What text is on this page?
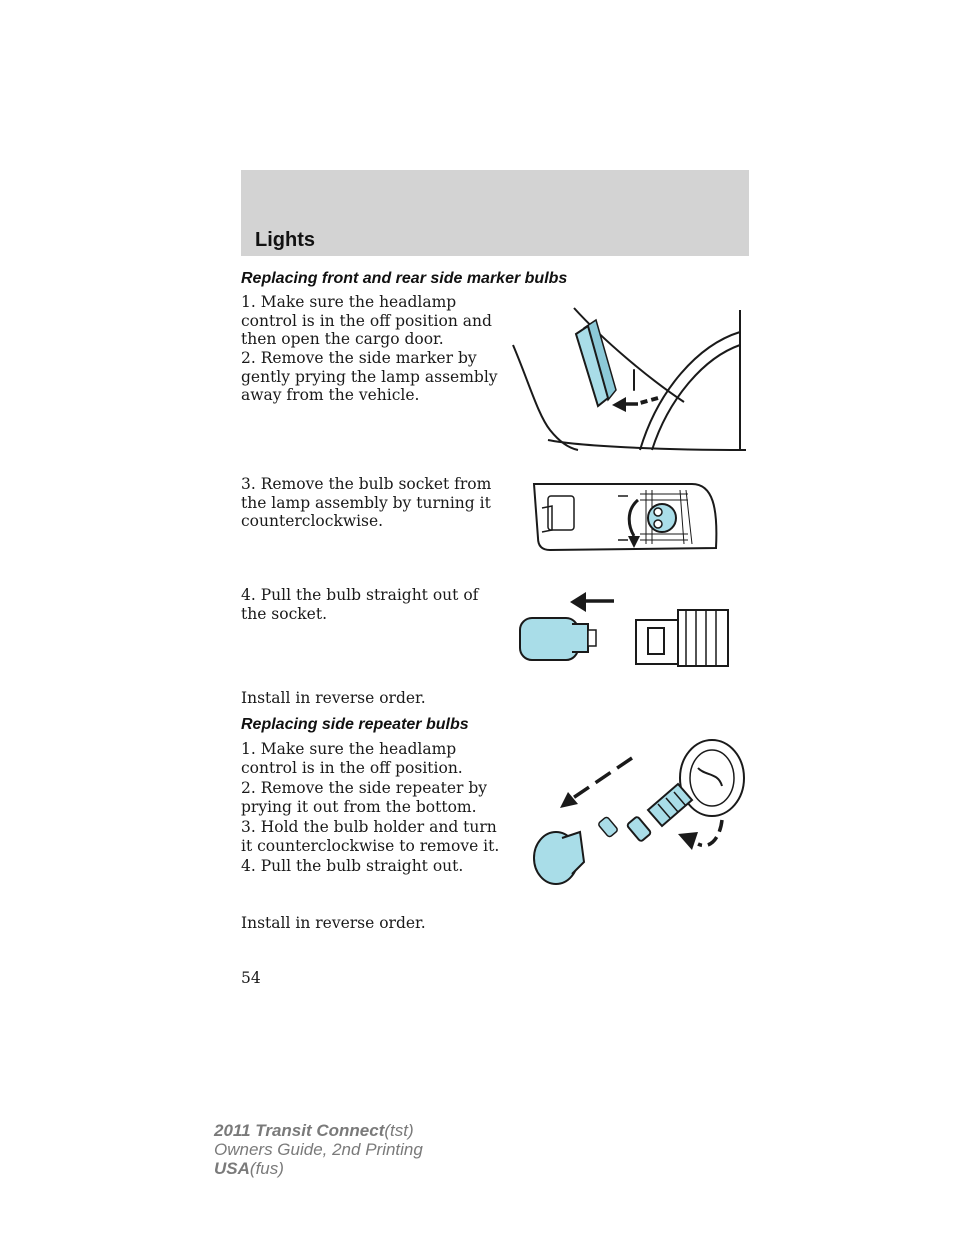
Lights
Replacing front and rear side marker bulbs
1. Make sure the headlamp control is in the off position and then open the cargo door.
2. Remove the side marker by gently prying the lamp assembly away from the vehicle.
3. Remove the bulb socket from the lamp assembly by turning it counterclockwise.
4. Pull the bulb straight out of the socket.
Install in reverse order.
Replacing side repeater bulbs
1. Make sure the headlamp control is in the off position.
2. Remove the side repeater by prying it out from the bottom.
3. Hold the bulb holder and turn it counterclockwise to remove it.
4. Pull the bulb straight out.
Install in reverse order.
54
2011 Transit Connect(tst)
Owners Guide, 2nd Printing
USA(fus)
